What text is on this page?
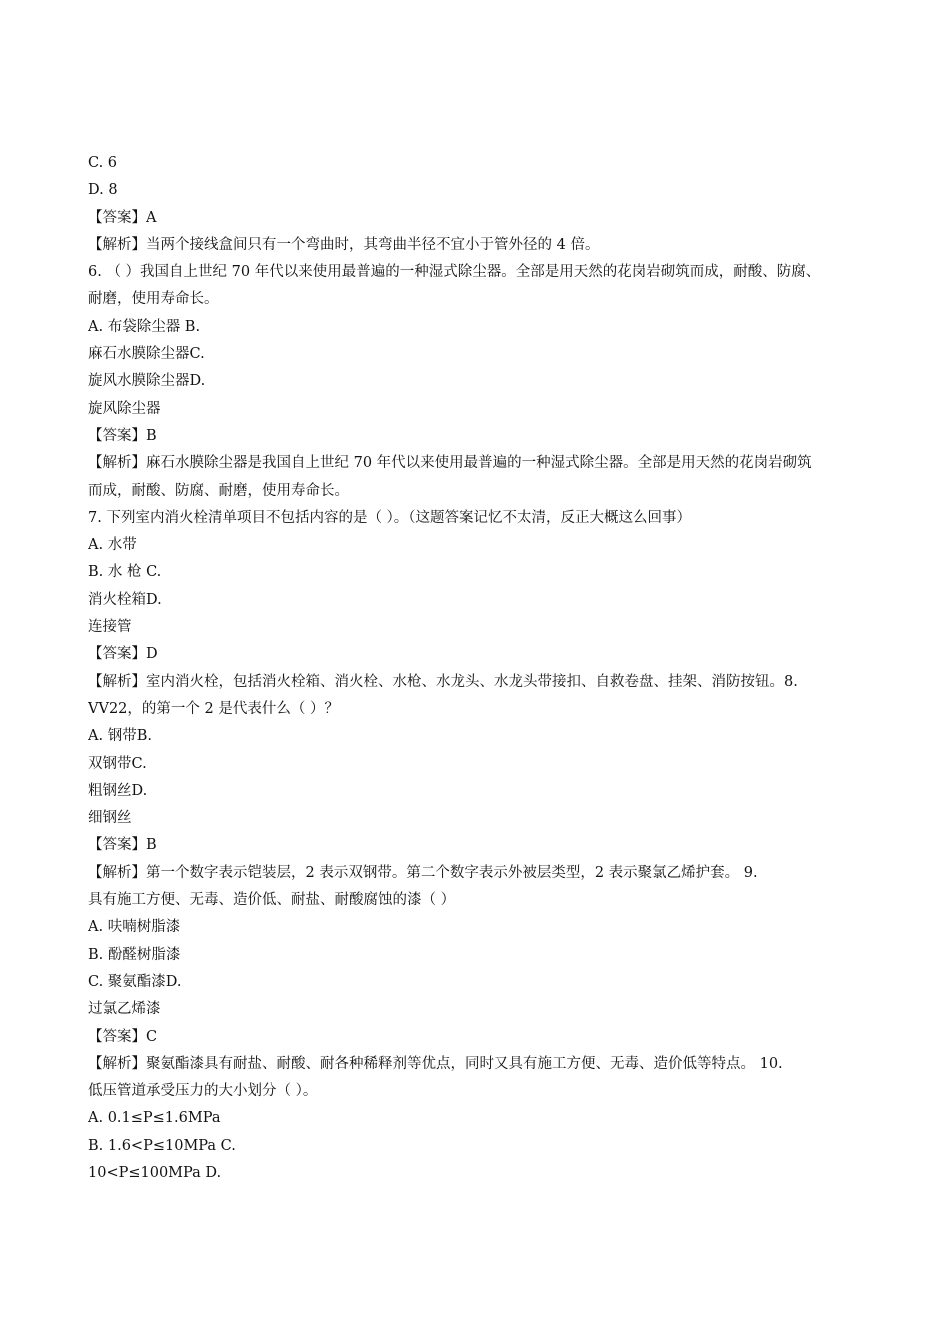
C. 6
D. 8
【答案】A
【解析】当两个接线盒间只有一个弯曲时，其弯曲半径不宜小于管外径的 4 倍。
6. （ ）我国自上世纪 70 年代以来使用最普遍的一种湿式除尘器。全部是用天然的花岗岩砌筑而成，耐酸、防腐、
耐磨，使用寿命长。
A. 布袋除尘器 B.
麻石水膜除尘器C.
旋风水膜除尘器D.
旋风除尘器
【答案】B
【解析】麻石水膜除尘器是我国自上世纪 70 年代以来使用最普遍的一种湿式除尘器。全部是用天然的花岗岩砌筑
而成，耐酸、防腐、耐磨，使用寿命长。
7. 下列室内消火栓清单项目不包括内容的是（ ）。（这题答案记忆不太清，反正大概这么回事）
A. 水带
B. 水 枪 C.
消火栓箱D.
连接管
【答案】D
【解析】室内消火栓，包括消火栓箱、消火栓、水枪、水龙头、水龙头带接扣、自救卷盘、挂架、消防按钮。8.
VV22，的第一个 2 是代表什么（ ）？
A. 钢带B.
双钢带C.
粗钢丝D.
细钢丝
【答案】B
【解析】第一个数字表示铠装层，2 表示双钢带。第二个数字表示外被层类型，2 表示聚氯乙烯护套。 9.
具有施工方便、无毒、造价低、耐盐、耐酸腐蚀的漆（ ）
A. 呋喃树脂漆
B. 酚醛树脂漆
C. 聚氨酯漆D.
过氯乙烯漆
【答案】C
【解析】聚氨酯漆具有耐盐、耐酸、耐各种稀释剂等优点，同时又具有施工方便、无毒、造价低等特点。 10.
低压管道承受压力的大小划分（ ）。
A. 0.1≤P≤1.6MPa
B. 1.6<P≤10MPa C.
10<P≤100MPa D.
